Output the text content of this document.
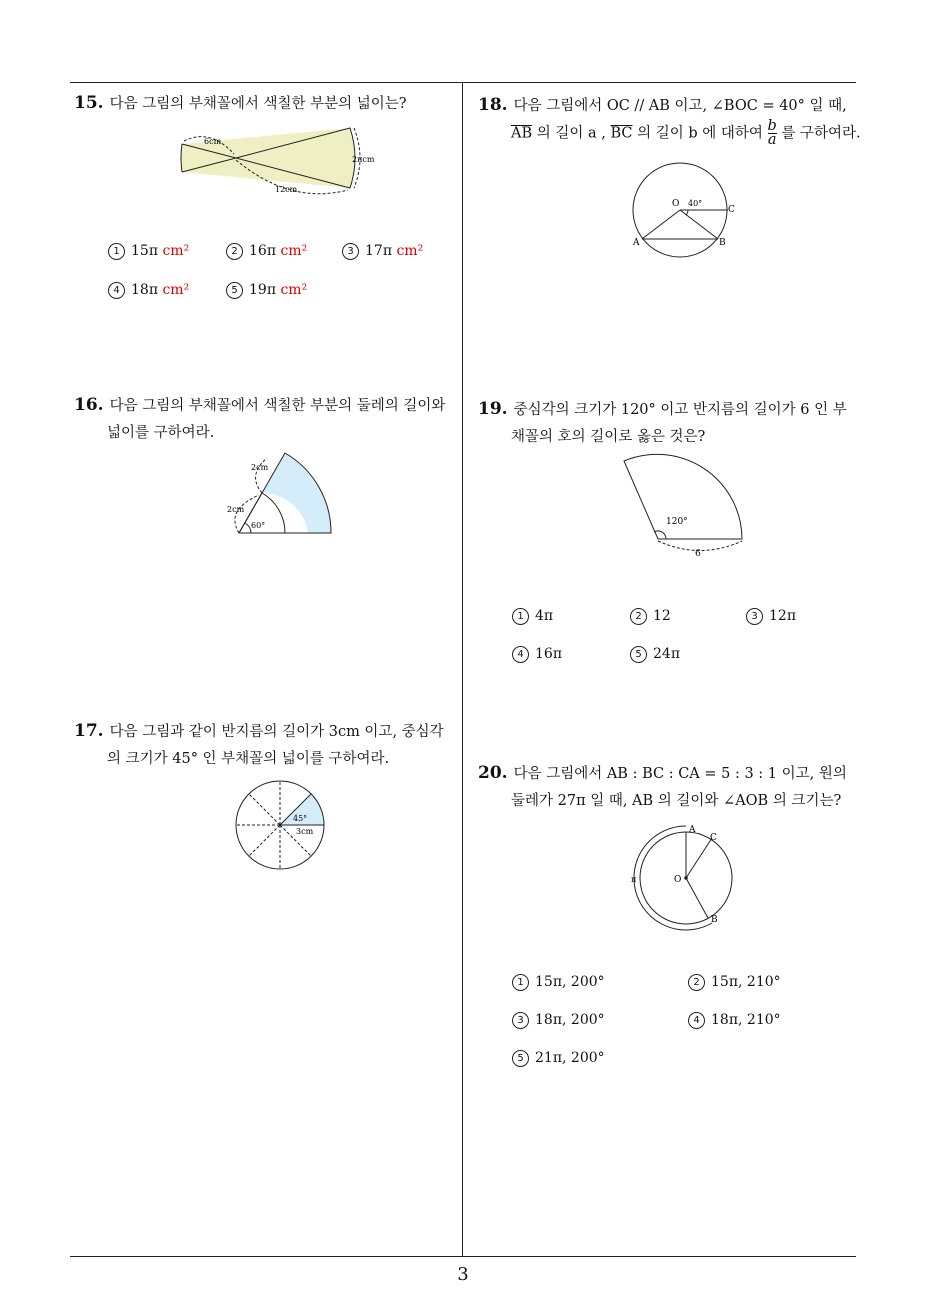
15. 다음 그림의 부채꼴에서 색칠한 부분의 넓이는?
6cm
12cm
2πcm
1 15π cm²	2 16π cm²	3 17π cm²
4 18π cm²	5 19π cm²
16. 다음 그림의 부채꼴에서 색칠한 부분의 둘레의 길이와
넓이를 구하여라.
2cm
2cm
60°
17. 다음 그림과 같이 반지름의 길이가 3cm 이고, 중심각
의 크기가 45° 인 부채꼴의 넓이를 구하여라.
45°
3cm
18. 다음 그림에서 OC // AB 이고, ∠BOC = 40° 일 때,
$\overline{AB}$ 의 길이 a , $\overline{BC}$ 의 길이 b 에 대하여 $\frac{b}{a}$ 를 구하여라.
O 40°
C
A	B
19. 중심각의 크기가 120° 이고 반지름의 길이가 6 인 부
채꼴의 호의 길이로 옳은 것은?
120°
6
1 4π	2 12	3 12π
4 16π	5 24π
20. 다음 그림에서 AB : BC : CA = 5 : 3 : 1 이고, 원의
둘레가 27π 일 때, AB 의 길이와 ∠AOB 의 크기는?
O
A
C
B
π
1 15π, 200°	2 15π, 210°
3 18π, 200°	4 18π, 210°
5 21π, 200°
3
